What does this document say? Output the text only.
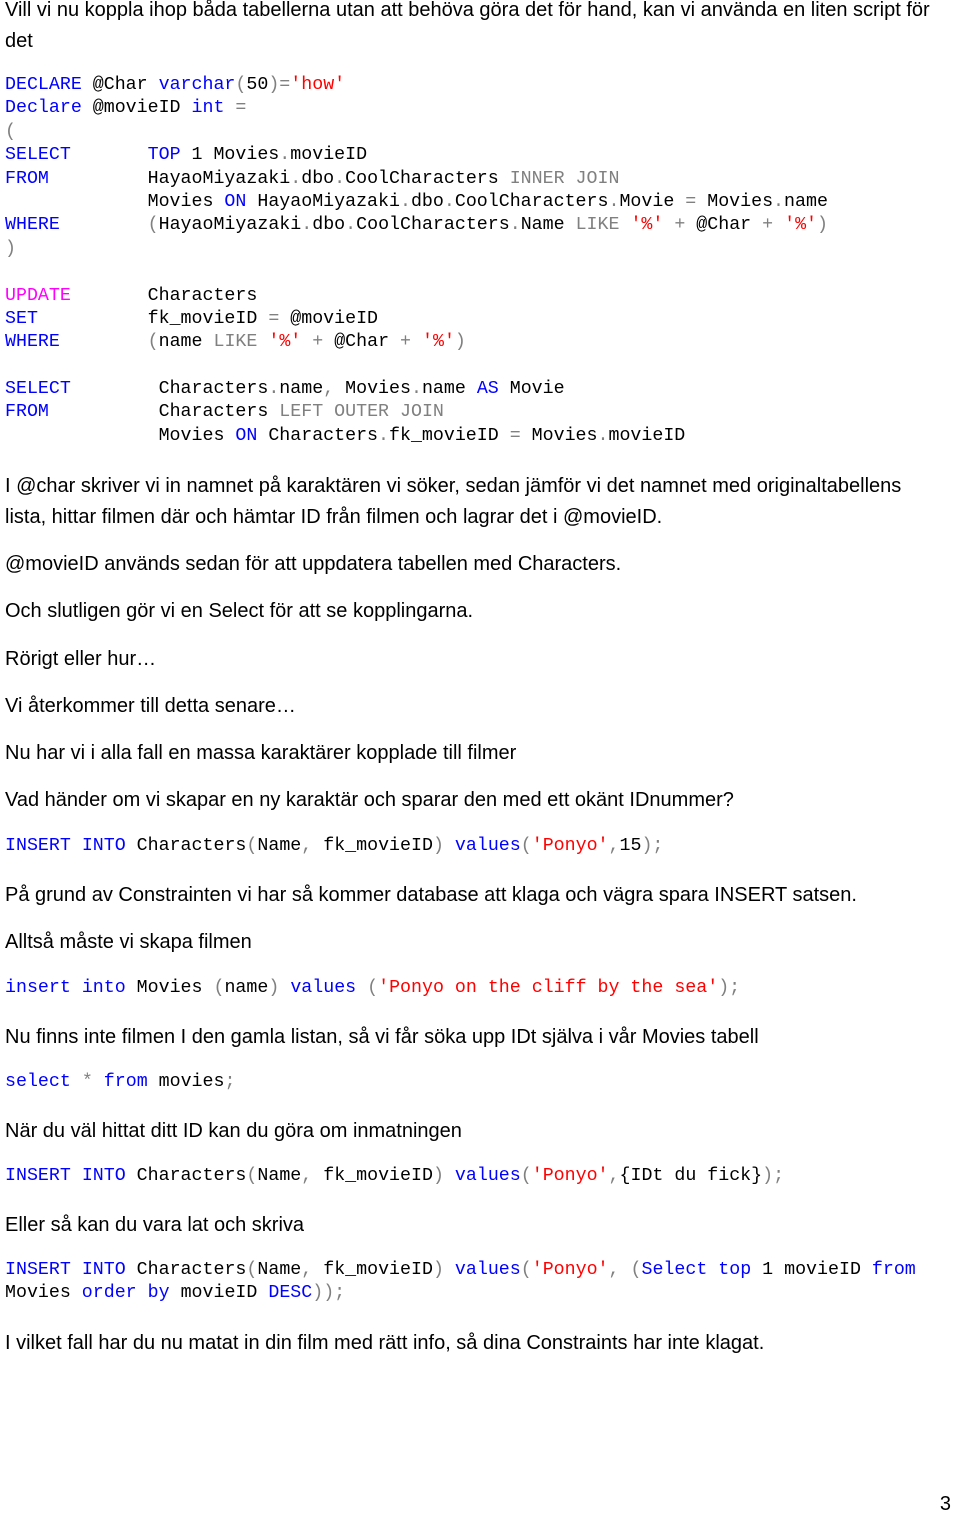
Vill vi nu koppla ihop båda tabellerna utan att behöva göra det för hand, kan vi använda en liten script för det

DECLARE @Char varchar(50)='how'
Declare @movieID int =
(
SELECT	TOP 1 Movies.movieID
FROM         HayaoMiyazaki.dbo.CoolCharacters INNER JOIN
Movies ON HayaoMiyazaki.dbo.CoolCharacters.Movie = Movies.name
WHERE	(HayaoMiyazaki.dbo.CoolCharacters.Name LIKE '%' + @Char + '%')
)
UPDATE       Characters
SET          fk_movieID = @movieID
WHERE	(name LIKE '%' + @Char + '%')
SELECT        Characters.name, Movies.name AS Movie
FROM          Characters LEFT OUTER JOIN
Movies ON Characters.fk_movieID = Movies.movieID

I @char skriver vi in namnet på karaktären vi söker, sedan jämför vi det namnet med originaltabellens lista, hittar filmen där och hämtar ID från filmen och lagrar det i @movieID.

@movieID används sedan för att uppdatera tabellen med Characters.

Och slutligen gör vi en Select för att se kopplingarna.

Rörigt eller hur…

Vi återkommer till detta senare…

Nu har vi i alla fall en massa karaktärer kopplade till filmer

Vad händer om vi skapar en ny karaktär och sparar den med ett okänt IDnummer?

INSERT INTO Characters(Name, fk_movieID) values('Ponyo',15);

På grund av Constrainten vi har så kommer database att klaga och vägra spara INSERT satsen.

Alltså måste vi skapa filmen

insert into Movies (name) values ('Ponyo on the cliff by the sea');

Nu finns inte filmen I den gamla listan, så vi får söka upp IDt själva i vår Movies tabell

select * from movies;

När du väl hittat ditt ID kan du göra om inmatningen

INSERT INTO Characters(Name, fk_movieID) values('Ponyo',{IDt du fick});

Eller så kan du vara lat och skriva

INSERT INTO Characters(Name, fk_movieID) values('Ponyo', (Select top 1 movieID from
Movies order by movieID DESC));

I vilket fall har du nu matat in din film med rätt info, så dina Constraints har inte klagat.

3
